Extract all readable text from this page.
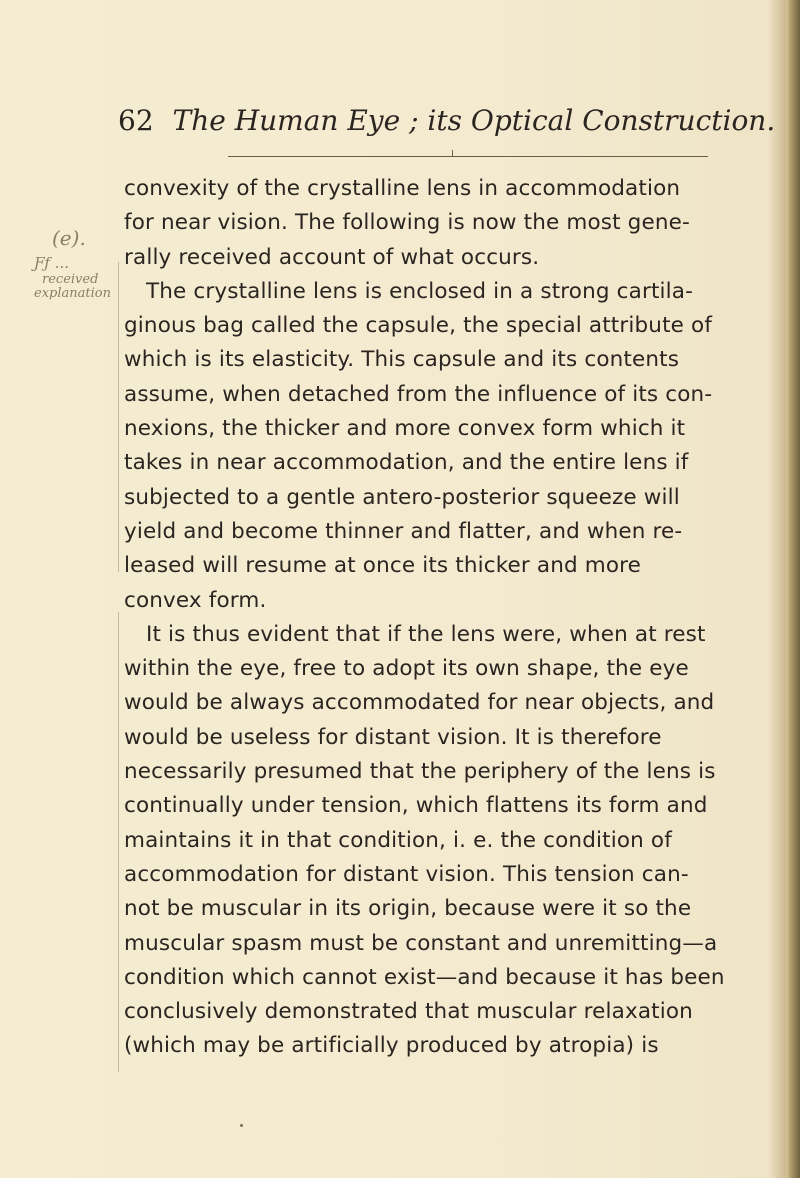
62 The Human Eye ; its Optical Construction.
(e).
Ƒƒ ...
received
explanation
convexity of the crystalline lens in accommodation
for near vision. The following is now the most gene-
rally received account of what occurs.
The crystalline lens is enclosed in a strong cartila-
ginous bag called the capsule, the special attribute of
which is its elasticity. This capsule and its contents
assume, when detached from the influence of its con-
nexions, the thicker and more convex form which it
takes in near accommodation, and the entire lens if
subjected to a gentle antero-posterior squeeze will
yield and become thinner and flatter, and when re-
leased will resume at once its thicker and more
convex form.
It is thus evident that if the lens were, when at rest
within the eye, free to adopt its own shape, the eye
would be always accommodated for near objects, and
would be useless for distant vision. It is therefore
necessarily presumed that the periphery of the lens is
continually under tension, which flattens its form and
maintains it in that condition, i. e. the condition of
accommodation for distant vision. This tension can-
not be muscular in its origin, because were it so the
muscular spasm must be constant and unremitting—a
condition which cannot exist—and because it has been
conclusively demonstrated that muscular relaxation
(which may be artificially produced by atropia) is
